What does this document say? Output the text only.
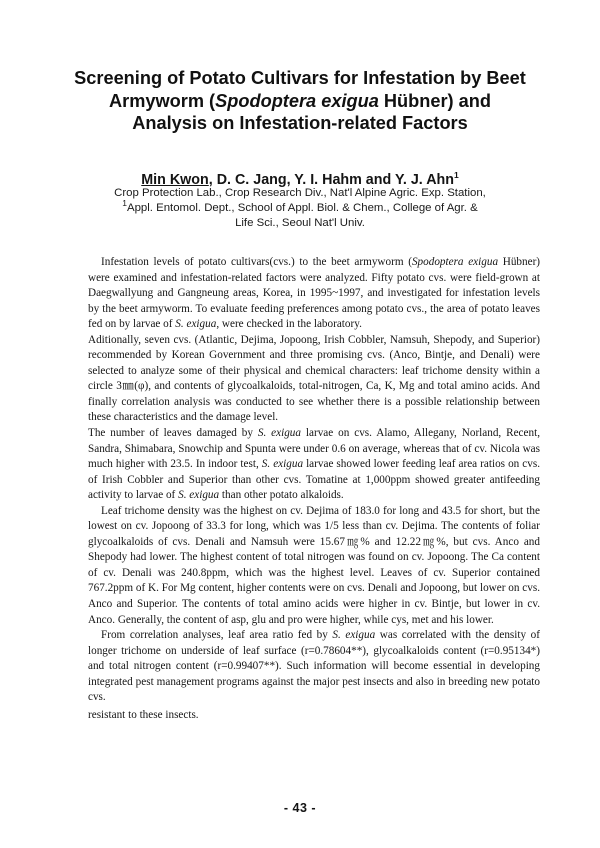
Screening of Potato Cultivars for Infestation by Beet
Armyworm (Spodoptera exigua Hübner) and
Analysis on Infestation-related Factors
Min Kwon, D. C. Jang, Y. I. Hahm and Y. J. Ahn$^1$
Crop Protection Lab., Crop Research Div., Nat'l Alpine Agric. Exp. Station,
$^1$Appl. Entomol. Dept., School of Appl. Biol. & Chem., College of Agr. &
Life Sci., Seoul Nat'l Univ.

Infestation levels of potato cultivars(cvs.) to the beet armyworm (Spodoptera exigua Hübner) were examined and infestation-related factors were analyzed. Fifty potato cvs. were field-grown at Daegwallyung and Gangneung areas, Korea, in 1995~1997, and investigated for infestation levels by the beet armyworm. To evaluate feeding preferences among potato cvs., the area of potato leaves fed on by larvae of S. exigua, were checked in the laboratory.

Aditionally, seven cvs. (Atlantic, Dejima, Jopoong, Irish Cobbler, Namsuh, Shepody, and Superior) recommended by Korean Government and three promising cvs. (Anco, Bintje, and Denali) were selected to analyze some of their physical and chemical characters: leaf trichome density within a circle 3㎜(φ), and contents of glycoalkaloids, total-nitrogen, Ca, K, Mg and total amino acids. And finally correlation analysis was conducted to see whether there is a possible relationship between these characteristics and the damage level.

The number of leaves damaged by S. exigua larvae on cvs. Alamo, Allegany, Norland, Recent, Sandra, Shimabara, Snowchip and Spunta were under 0.6 on average, whereas that of cv. Nicola was much higher with 23.5. In indoor test, S. exigua larvae showed lower feeding leaf area ratios on cvs. of Irish Cobbler and Superior than other cvs. Tomatine at 1,000ppm showed greater antifeeding activity to larvae of S. exigua than other potato alkaloids.

Leaf trichome density was the highest on cv. Dejima of 183.0 for long and 43.5 for short, but the lowest on cv. Jopoong of 33.3 for long, which was 1/5 less than cv. Dejima. The contents of foliar glycoalkaloids of cvs. Denali and Namsuh were 15.67㎎% and 12.22㎎%, but cvs. Anco and Shepody had lower. The highest content of total nitrogen was found on cv. Jopoong. The Ca content of cv. Denali was 240.8ppm, which was the highest level. Leaves of cv. Superior contained 767.2ppm of K. For Mg content, higher contents were on cvs. Denali and Jopoong, but lower on cvs. Anco and Superior. The contents of total amino acids were higher in cv. Bintje, but lower in cv. Anco. Generally, the content of asp, glu and pro were higher, while cys, met and his lower.

From correlation analyses, leaf area ratio fed by S. exigua was correlated with the density of longer trichome on underside of leaf surface (r=0.78604**), glycoalkaloids content (r=0.95134*) and total nitrogen content (r=0.99407**). Such information will become essential in developing integrated pest management programs against the major pest insects and also in breeding new potato cvs.

resistant to these insects.

- 43 -
